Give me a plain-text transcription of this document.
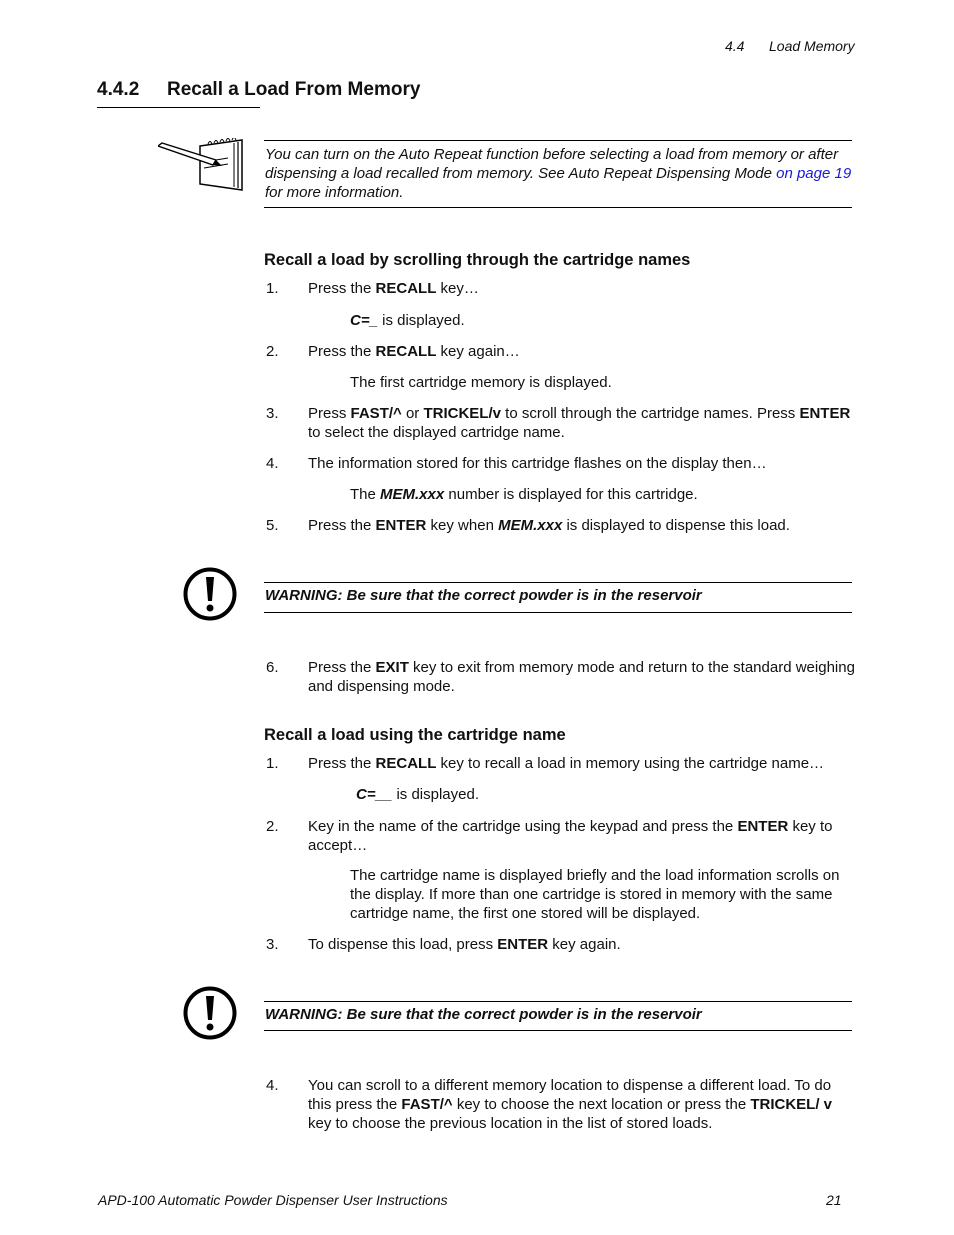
4.4 Load Memory
4.4.2 Recall a Load From Memory
You can turn on the Auto Repeat function before selecting a load from memory or after dispensing a load recalled from memory. See Auto Repeat Dispensing Mode on page 19 for more information.
Recall a load by scrolling through the cartridge names
1. Press the RECALL key…
C=_ is displayed.
2. Press the RECALL key again…
The first cartridge memory is displayed.
3. Press FAST/^ or TRICKEL/v to scroll through the cartridge names. Press ENTER to select the displayed cartridge name.
4. The information stored for this cartridge flashes on the display then…
The MEM.xxx number is displayed for this cartridge.
5. Press the ENTER key when MEM.xxx is displayed to dispense this load.
WARNING: Be sure that the correct powder is in the reservoir
6. Press the EXIT key to exit from memory mode and return to the standard weighing and dispensing mode.
Recall a load using the cartridge name
1. Press the RECALL key to recall a load in memory using the cartridge name…
C=__ is displayed.
2. Key in the name of the cartridge using the keypad and press the ENTER key to accept…
The cartridge name is displayed briefly and the load information scrolls on the display. If more than one cartridge is stored in memory with the same cartridge name, the first one stored will be displayed.
3. To dispense this load, press ENTER key again.
WARNING: Be sure that the correct powder is in the reservoir
4. You can scroll to a different memory location to dispense a different load. To do this press the FAST/^ key to choose the next location or press the TRICKEL/ v key to choose the previous location in the list of stored loads.
APD-100 Automatic Powder Dispenser User Instructions	21
